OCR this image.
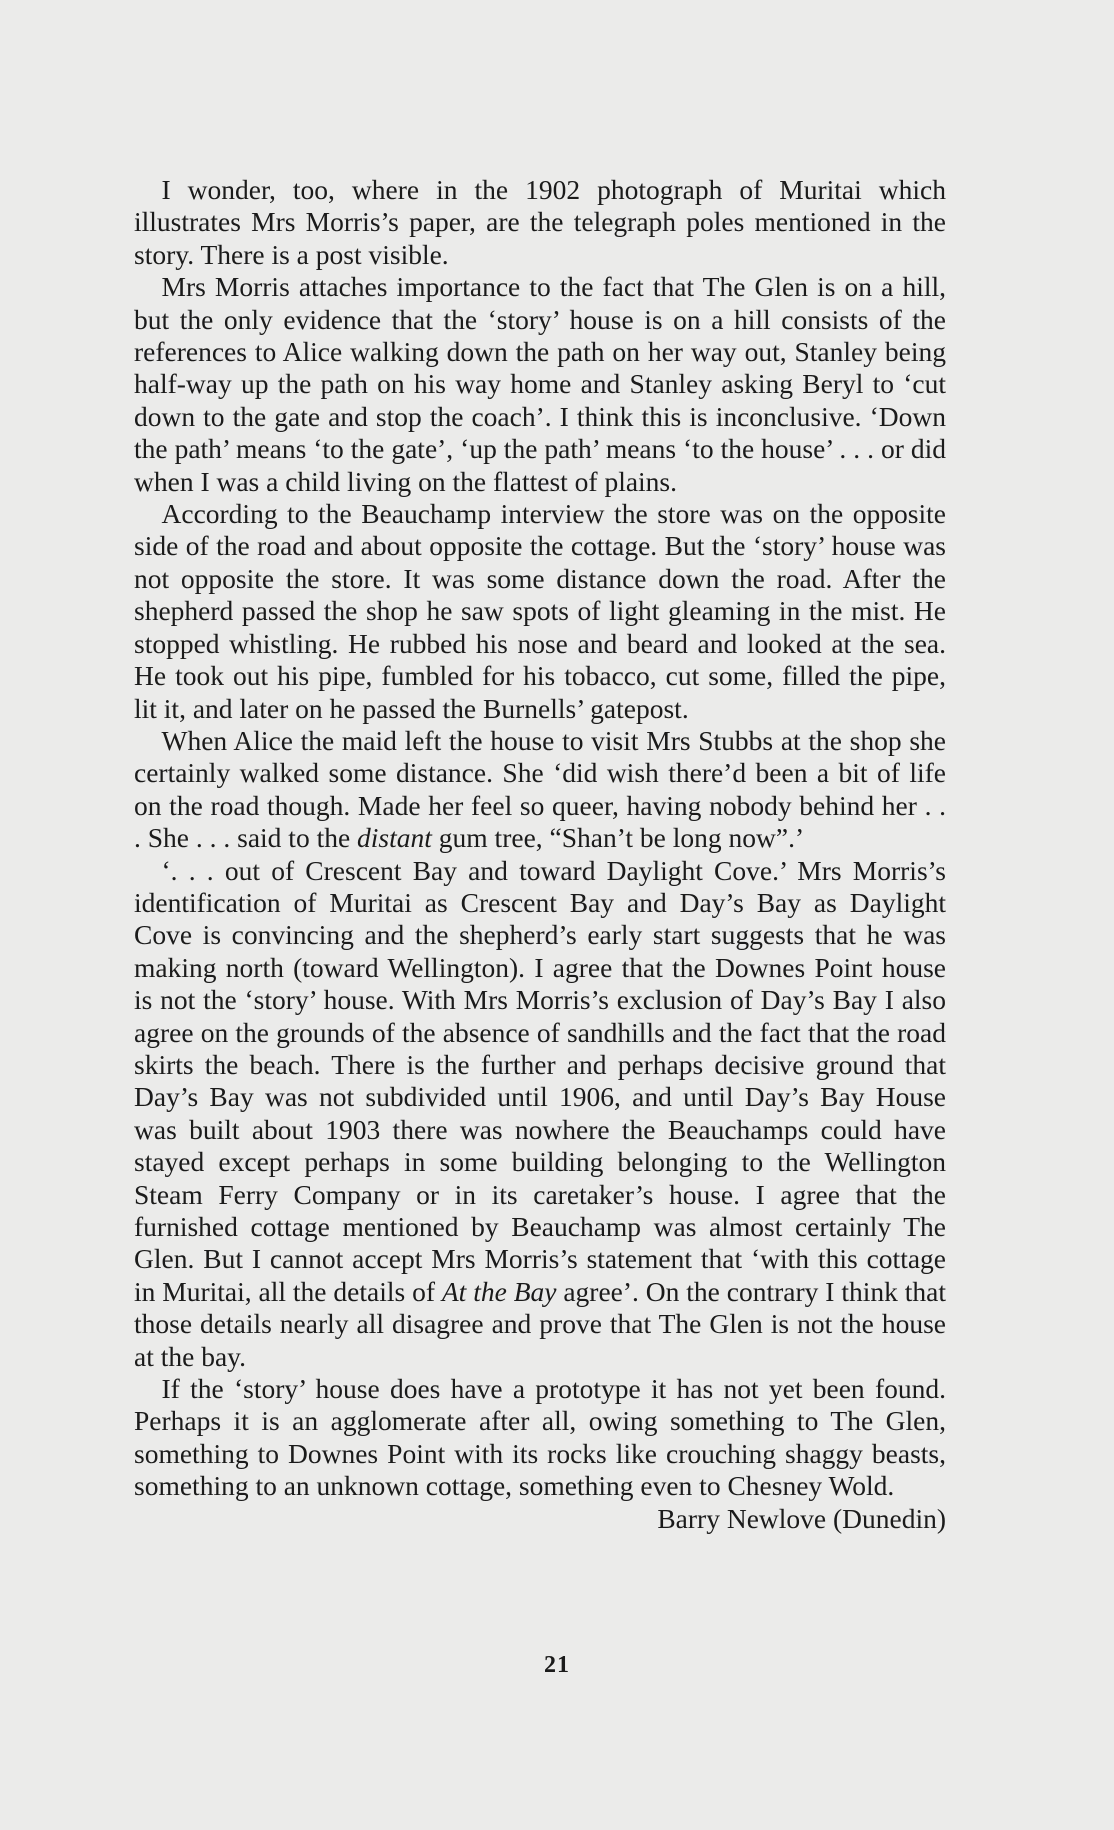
 I wonder, too, where in the 1902 photograph of Muritai which illustrates Mrs Morris’s paper, are the telegraph poles mentioned in the story. There is a post visible.

 Mrs Morris attaches importance to the fact that The Glen is on a hill, but the only evidence that the ‘story’ house is on a hill consists of the references to Alice walking down the path on her way out, Stanley being half-way up the path on his way home and Stanley asking Beryl to ‘cut down to the gate and stop the coach’. I think this is inconclusive. ‘Down the path’ means ‘to the gate’, ‘up the path’ means ‘to the house’ . . . or did when I was a child living on the flattest of plains.

 According to the Beauchamp interview the store was on the opposite side of the road and about opposite the cottage. But the ‘story’ house was not opposite the store. It was some distance down the road. After the shepherd passed the shop he saw spots of light gleaming in the mist. He stopped whistling. He rubbed his nose and beard and looked at the sea. He took out his pipe, fumbled for his tobacco, cut some, filled the pipe, lit it, and later on he passed the Burnells’ gatepost.

 When Alice the maid left the house to visit Mrs Stubbs at the shop she certainly walked some distance. She ‘did wish there’d been a bit of life on the road though. Made her feel so queer, having nobody behind her . . . She . . . said to the distant gum tree, “Shan’t be long now”.’

 ‘. . . out of Crescent Bay and toward Daylight Cove.’ Mrs Morris’s identification of Muritai as Crescent Bay and Day’s Bay as Daylight Cove is convincing and the shepherd’s early start suggests that he was making north (toward Wellington). I agree that the Downes Point house is not the ‘story’ house. With Mrs Morris’s exclusion of Day’s Bay I also agree on the grounds of the absence of sandhills and the fact that the road skirts the beach. There is the further and perhaps decisive ground that Day’s Bay was not subdivided until 1906, and until Day’s Bay House was built about 1903 there was nowhere the Beauchamps could have stayed except perhaps in some building belonging to the Wellington Steam Ferry Company or in its caretaker’s house. I agree that the furnished cottage mentioned by Beauchamp was almost certainly The Glen. But I cannot accept Mrs Morris’s statement that ‘with this cottage in Muritai, all the details of At the Bay agree’. On the contrary I think that those details nearly all disagree and prove that The Glen is not the house at the bay.

 If the ‘story’ house does have a prototype it has not yet been found. Perhaps it is an agglomerate after all, owing something to The Glen, something to Downes Point with its rocks like crouching shaggy beasts, something to an unknown cottage, something even to Chesney Wold.

Barry Newlove (Dunedin)

21
